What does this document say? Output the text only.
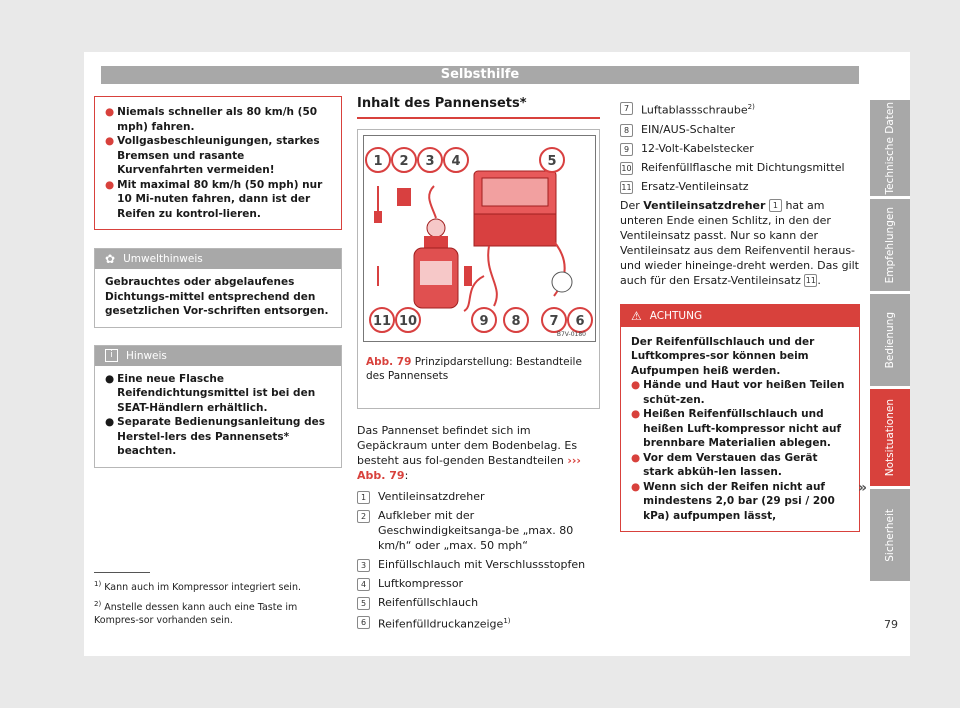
Selbsthilfe
● Niemals schneller als 80 km/h (50 mph) fahren.
● Vollgasbeschleunigungen, starkes Bremsen und rasante Kurvenfahrten vermeiden!
● Mit maximal 80 km/h (50 mph) nur 10 Mi-nuten fahren, dann ist der Reifen zu kontrol-lieren.
✿ Umwelthinweis
Gebrauchtes oder abgelaufenes Dichtungs-mittel entsprechend den gesetzlichen Vor-schriften entsorgen.
i	Hinweis
● Eine neue Flasche Reifendichtungsmittel ist bei den SEAT-Händlern erhältlich.
● Separate Bedienungsanleitung des Herstel-lers des Pannensets* beachten.
Inhalt des Pannensets*
1 2 3 4	5
11 10	9 8 7 6
B7V-0180
Abb. 79 Prinzipdarstellung: Bestandteile des Pannensets
Das Pannenset befindet sich im Gepäckraum unter dem Bodenbelag. Es besteht aus fol-genden Bestandteilen ››› Abb. 79:
1	Ventileinsatzdreher
2	Aufkleber mit der Geschwindigkeitsanga-be „max. 80 km/h“ oder „max. 50 mph“
3	Einfüllschlauch mit Verschlussstopfen
4	Luftkompressor
5	Reifenfüllschlauch
6	Reifenfülldruckanzeige$^{1)}$
7	Luftablassschraube$^{2)}$
8	EIN/AUS-Schalter
9	12-Volt-Kabelstecker
10 Reifenfüllflasche mit Dichtungsmittel
11 Ersatz-Ventileinsatz
Der Ventileinsatzdreher 1 hat am unteren Ende einen Schlitz, in den der Ventileinsatz passt. Nur so kann der Ventileinsatz aus dem Reifenventil heraus- und wieder hineinge-dreht werden. Das gilt auch für den Ersatz-Ventileinsatz 11.
⚠ ACHTUNG
Der Reifenfüllschlauch und der Luftkompres-sor können beim Aufpumpen heiß werden.
● Hände und Haut vor heißen Teilen schüt-zen.
● Heißen Reifenfüllschlauch und heißen Luft-kompressor nicht auf brennbare Materialien ablegen.
● Vor dem Verstauen das Gerät stark abküh-len lassen.
● Wenn sich der Reifen nicht auf mindestens 2,0 bar (29 psi / 200 kPa) aufpumpen lässt,
»
$^{1)}$ Kann auch im Kompressor integriert sein.
$^{2)}$ Anstelle dessen kann auch eine Taste im Kompres-sor vorhanden sein.	79
Technische Daten
Empfehlungen
Bedienung
Notsituationen
Sicherheit
